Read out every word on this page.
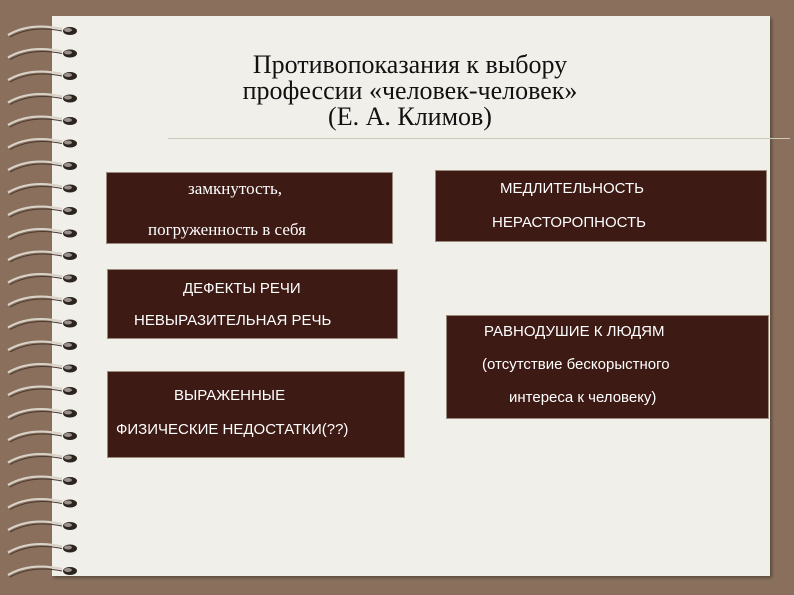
Противопоказания к выбору
профессии «человек-человек»
(Е. А. Климов)
замкнутость,
погруженность в себя
МЕДЛИТЕЛЬНОСТЬ
НЕРАСТОРОПНОСТЬ
ДЕФЕКТЫ РЕЧИ
НЕВЫРАЗИТЕЛЬНАЯ РЕЧЬ
РАВНОДУШИЕ К ЛЮДЯМ
(отсутствие бескорыстного
интереса к человеку)
ВЫРАЖЕННЫЕ
ФИЗИЧЕСКИЕ НЕДОСТАТКИ(??)
